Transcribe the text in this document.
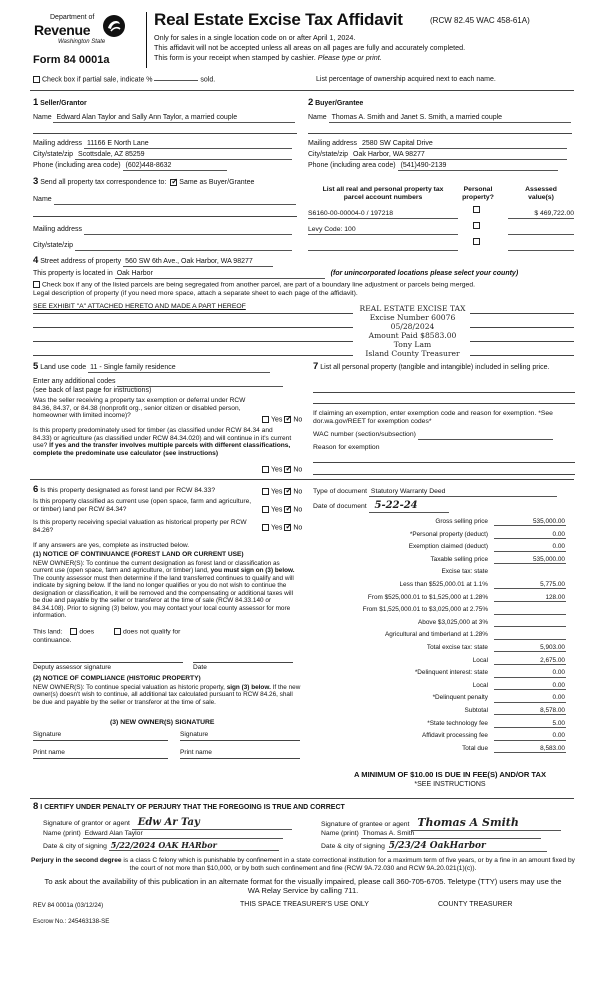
Department of
Revenue
Washington State
Form 84 0001a
Real Estate Excise Tax Affidavit	(RCW 82.45 WAC 458-61A)
Only for sales in a single location code on or after April 1, 2024.
This affidavit will not be accepted unless all areas on all pages are fully and accurately completed.
This form is your receipt when stamped by cashier. Please type or print.
Check box if partial sale, indicate %	sold.	List percentage of ownership acquired next to each name.
1 Seller/Grantor
Name Edward Alan Taylor and Sally Ann Taylor, a married couple
Mailing address 11166 E North Lane
City/state/zip Scottsdale, AZ 85259
Phone (including area code) (602)448-8632
2 Buyer/Grantee
Name Thomas A. Smith and Janet S. Smith, a married couple
Mailing address 2580 SW Capital Drive
City/state/zip Oak Harbor, WA 98277
Phone (including area code) (541)490-2139
3 Send all property tax correspondence to: ✓ Same as Buyer/Grantee
Name
Mailing address
City/state/zip
List all real and personal property tax
parcel account numbers
Personal
property?
Assessed
value(s)
S6160-00-00004-0 / 197218	$ 469,722.00
Levy Code: 100

4 Street address of property 560 SW 6th Ave., Oak Harbor, WA 98277
This property is located in Oak Harbor	(for unincorporated locations please select your county)
Check box if any of the listed parcels are being segregated from another parcel, are part of a boundary line adjustment or parcels being merged.
Legal description of property (if you need more space, attach a separate sheet to each page of the affidavit).
SEE EXHIBIT "A" ATTACHED HERETO AND MADE A PART HEREOF	REAL ESTATE EXCISE TAX
Excise Number 60076
05/28/2024
Amount Paid $8583.00
Tony Lam
Island County Treasurer
5 Land use code 11 - Single family residence
Enter any additional codes
(see back of last page for instructions)
Was the seller receiving a property tax exemption or deferral under RCW 84.36, 84.37, or 84.38 (nonprofit org., senior citizen or disabled person, homeowner with limited income)?
Yes ✓ No
Is this property predominately used for timber (as classified under RCW 84.34 and 84.33) or agriculture (as classified under RCW 84.34.020) and will continue in it's current use? If yes and the transfer involves multiple parcels with different classifications, complete the predominate use calculator (see instructions)
Yes ✓ No
7 List all personal property (tangible and intangible) included in selling price.
If claiming an exemption, enter exemption code and reason for exemption. *See dor.wa.gov/REET for exemption codes*
WAC number (section/subsection)
Reason for exemption
6 Is this property designated as forest land per RCW 84.33?	Yes ✓ No
Is this property classified as current use (open space, farm and agriculture, or timber) land per RCW 84.34?	Yes ✓ No
Is this property receiving special valuation as historical property per RCW 84.26?	Yes ✓ No
If any answers are yes, complete as instructed below.
(1) NOTICE OF CONTINUANCE (FOREST LAND OR CURRENT USE)
NEW OWNER(S): To continue the current designation as forest land or classification as current use (open space, farm and agriculture, or timber) land, you must sign on (3) below. The county assessor must then determine if the land transferred continues to qualify and will indicate by signing below. If the land no longer qualifies or you do not wish to continue the designation or classification, it will be removed and the compensating or additional taxes will be due and payable by the seller or transferor at the time of sale (RCW 84.33.140 or 84.34.108). Prior to signing (3) below, you may contact your local county assessor for more information.
This land: does	does not qualify for
continuance.
Deputy assessor signature	Date
(2) NOTICE OF COMPLIANCE (HISTORIC PROPERTY)
NEW OWNER(S): To continue special valuation as historic property, sign (3) below. If the new owner(s) doesn't wish to continue, all additional tax calculated pursuant to RCW 84.26, shall be due and payable by the seller or transferor at the time of sale.
(3) NEW OWNER(S) SIGNATURE
Signature	Signature
Print name	Print name
Type of document Statutory Warranty Deed
Date of document 5-22-24
Gross selling price	535,000.00
*Personal property (deduct)	0.00
Exemption claimed (deduct)	0.00
Taxable selling price	535,000.00
Excise tax: state
Less than $525,000.01 at 1.1%	5,775.00
From $525,000.01 to $1,525,000 at 1.28%	128.00
From $1,525,000.01 to $3,025,000 at 2.75%

Above $3,025,000 at 3%

Agricultural and timberland at 1.28%

Total excise tax: state	5,903.00
Local	2,675.00
*Delinquent interest: state	0.00
Local	0.00
*Delinquent penalty	0.00
Subtotal	8,578.00
*State technology fee	5.00
Affidavit processing fee	0.00
Total due	8,583.00
A MINIMUM OF $10.00 IS DUE IN FEE(S) AND/OR TAX
*SEE INSTRUCTIONS
8 I CERTIFY UNDER PENALTY OF PERJURY THAT THE FOREGOING IS TRUE AND CORRECT
Signature of grantor or agent Edw Ar Tay
Name (print) Edward Alan Taylor
Date & city of signing 5/22/2024 OAK HARbor
Signature of grantee or agent Thomas A Smith
Name (print) Thomas A. Smith
Date & city of signing 5/23/24 OakHarbor
Perjury in the second degree is a class C felony which is punishable by confinement in a state correctional institution for a maximum term of five years, or by a fine in an amount fixed by the court of not more than $10,000, or by both such confinement and fine (RCW 9A.72.030 and RCW 9A.20.021(1)(c)).
To ask about the availability of this publication in an alternate format for the visually impaired, please call 360-705-6705. Teletype (TTY) users may use the WA Relay Service by calling 711.
REV 84 0001a (03/12/24)	THIS SPACE TREASURER'S USE ONLY	COUNTY TREASURER
Escrow No.: 245463138-SE
